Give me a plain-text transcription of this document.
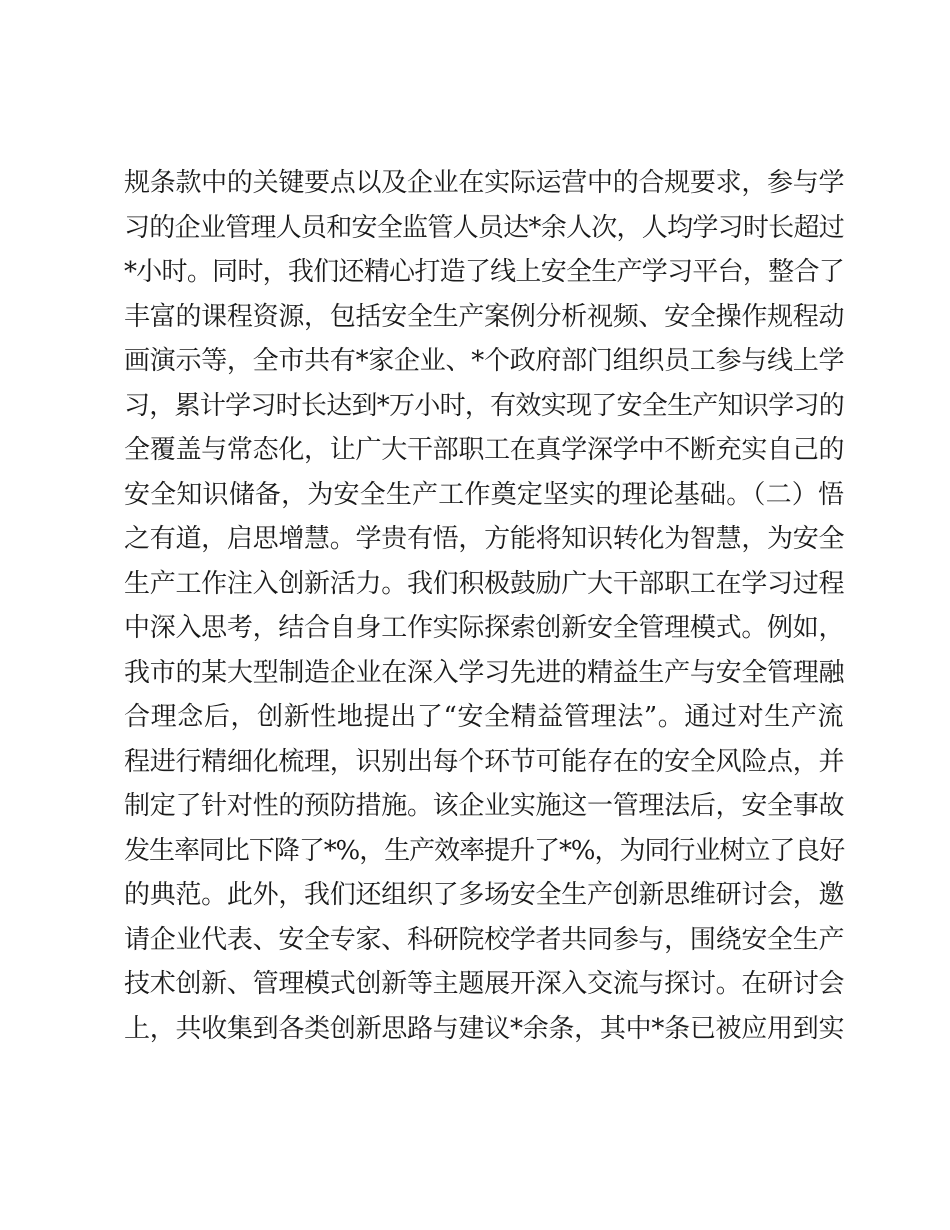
规条款中的关键要点以及企业在实际运营中的合规要求，参与学
习的企业管理人员和安全监管人员达*余人次，人均学习时长超过
*小时。同时，我们还精心打造了线上安全生产学习平台，整合了
丰富的课程资源，包括安全生产案例分析视频、安全操作规程动
画演示等，全市共有*家企业、*个政府部门组织员工参与线上学
习，累计学习时长达到*万小时，有效实现了安全生产知识学习的
全覆盖与常态化，让广大干部职工在真学深学中不断充实自己的
安全知识储备，为安全生产工作奠定坚实的理论基础。（二）悟
之有道，启思增慧。学贵有悟，方能将知识转化为智慧，为安全
生产工作注入创新活力。我们积极鼓励广大干部职工在学习过程
中深入思考，结合自身工作实际探索创新安全管理模式。例如，
我市的某大型制造企业在深入学习先进的精益生产与安全管理融
合理念后，创新性地提出了“安全精益管理法”。通过对生产流
程进行精细化梳理，识别出每个环节可能存在的安全风险点，并
制定了针对性的预防措施。该企业实施这一管理法后，安全事故
发生率同比下降了*%，生产效率提升了*%，为同行业树立了良好
的典范。此外，我们还组织了多场安全生产创新思维研讨会，邀
请企业代表、安全专家、科研院校学者共同参与，围绕安全生产
技术创新、管理模式创新等主题展开深入交流与探讨。在研讨会
上，共收集到各类创新思路与建议*余条，其中*条已被应用到实
